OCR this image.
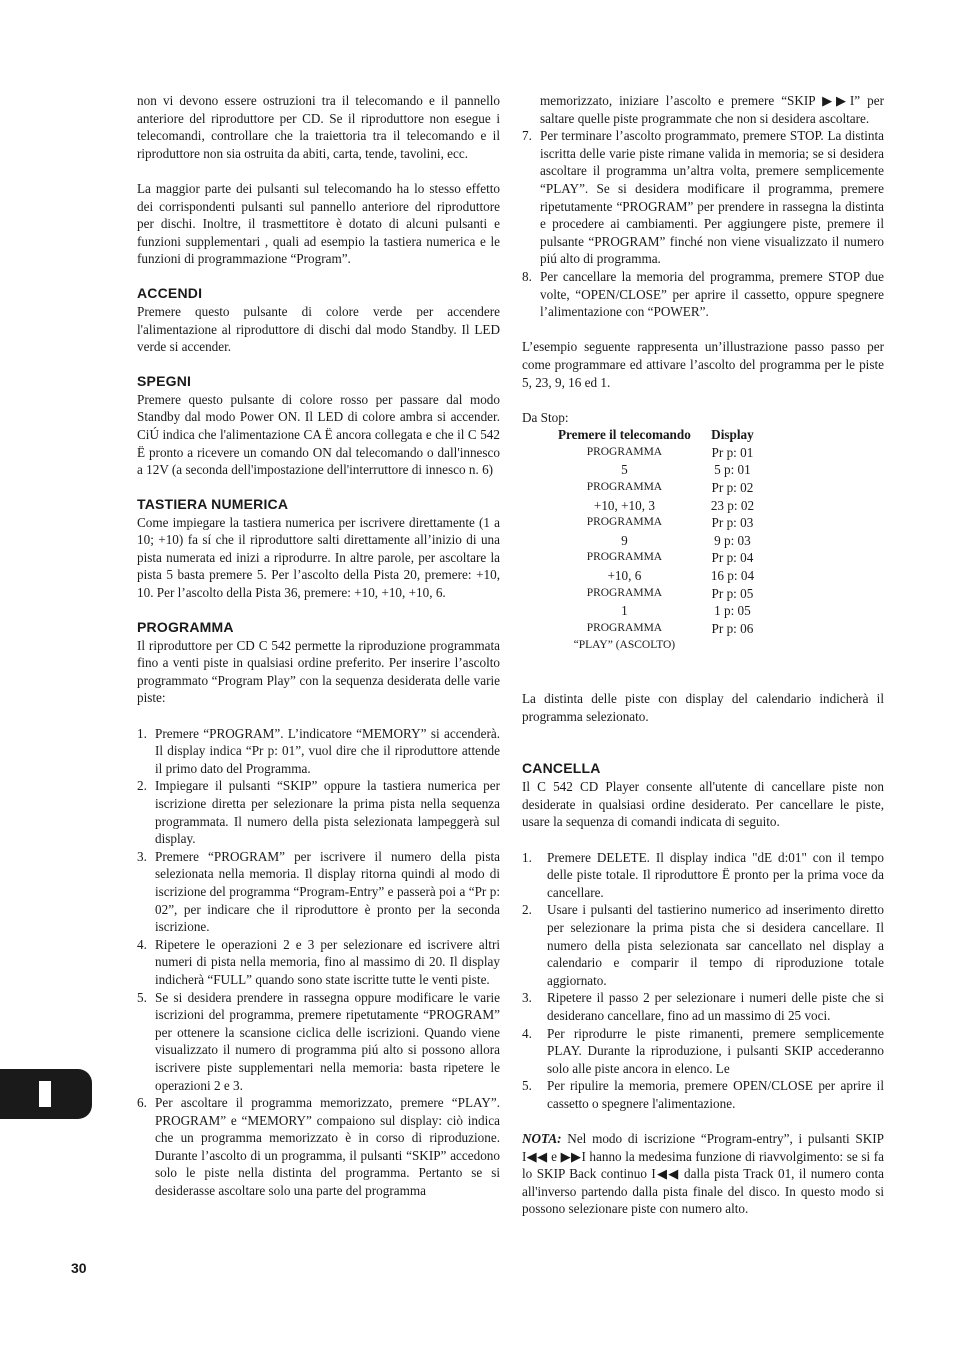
non vi devono essere ostruzioni tra il telecomando e il pannello anteriore del riproduttore per CD. Se il riproduttore non esegue i telecomandi, controllare che la traiettoria tra il telecomando e il riproduttore non sia ostruita da abiti, carta, tende, tavolini, ecc.

La maggior parte dei pulsanti sul telecomando ha lo stesso effetto dei corrispondenti pulsanti sul pannello anteriore del riproduttore per dischi. Inoltre, il trasmettitore è dotato di alcuni pulsanti e funzioni supplementari , quali ad esempio la tastiera numerica e le funzioni di programmazione “Program”.

ACCENDI

Premere questo pulsante di colore verde per accendere l'alimentazione al riproduttore di dischi dal modo Standby. Il LED verde si accender.

SPEGNI

Premere questo pulsante di colore rosso per passare dal modo Standby dal modo Power ON. Il LED di colore ambra si accender. CiÚ indica che l'alimentazione CA Ë ancora collegata e che il C 542 Ë pronto a ricevere un comando ON dal telecomando o dall'innesco a 12V (a seconda dell'impostazione dell'interruttore di innesco n. 6)

TASTIERA NUMERICA

Come impiegare la tastiera numerica per iscrivere direttamente (1 a 10; +10) fa sí che il riproduttore salti direttamente all’inizio di una pista numerata ed inizi a riprodurre. In altre parole, per ascoltare la pista 5 basta premere 5. Per l’ascolto della Pista 20, premere: +10, 10. Per l’ascolto della Pista 36, premere: +10, +10, +10, 6.

PROGRAMMA

Il riproduttore per CD C 542 permette la riproduzione programmata fino a venti piste in qualsiasi ordine preferito. Per inserire l’ascolto programmato “Program Play” con la sequenza desiderata delle varie piste:

1. Premere “PROGRAM”. L’indicatore “MEMORY” si accenderà. Il display indica “Pr p: 01”, vuol dire che il riproduttore attende il primo dato del Programma.
2. Impiegare il pulsanti “SKIP” oppure la tastiera numerica per iscrizione diretta per selezionare la prima pista nella sequenza programmata. Il numero della pista selezionata lampeggerà sul display.
3. Premere “PROGRAM” per iscrivere il numero della pista selezionata nella memoria. Il display ritorna quindi al modo di iscrizione del programma “Program-Entry” e passerà poi a “Pr p: 02”, per indicare che il riproduttore è pronto per la seconda iscrizione.
4. Ripetere le operazioni 2 e 3 per selezionare ed iscrivere altri numeri di pista nella memoria, fino al massimo di 20. Il display indicherà “FULL” quando sono state iscritte tutte le venti piste.
5. Se si desidera prendere in rassegna oppure modificare le varie iscrizioni del programma, premere ripetutamente “PROGRAM” per ottenere la scansione ciclica delle iscrizioni. Quando viene visualizzato il numero di programma piú alto si possono allora iscrivere piste supplementari nella memoria: basta ripetere le operazioni 2 e 3.
6. Per ascoltare il programma memorizzato, premere “PLAY”. PROGRAM” e “MEMORY” compaiono sul display: ciò indica che un programma memorizzato è in corso di riproduzione. Durante l’ascolto di un programma, il pulsanti “SKIP” accedono solo le piste nella distinta del programma. Pertanto se si desiderasse ascoltare solo una parte del programma
memorizzato, iniziare l’ascolto e premere “SKIP ▶▶I” per saltare quelle piste programmate che non si desidera ascoltare.
7. Per terminare l’ascolto programmato, premere STOP. La distinta iscritta delle varie piste rimane valida in memoria; se si desidera ascoltare il programma un’altra volta, premere semplicemente “PLAY”. Se si desidera modificare il programma, premere ripetutamente “PROGRAM” per prendere in rassegna la distinta e procedere ai cambiamenti. Per aggiungere piste, premere il pulsante “PROGRAM” finché non viene visualizzato il numero piú alto di programma.
8. Per cancellare la memoria del programma, premere STOP due volte, “OPEN/CLOSE” per aprire il cassetto, oppure spegnere l’alimentazione con “POWER”.

L’esempio seguente rappresenta un’illustrazione passo passo per come programmare ed attivare l’ascolto del programma per le piste 5, 23, 9, 16 ed 1.

Da Stop:

Premere il telecomando	Display
PROGRAMMA	Pr p: 01
5	5 p: 01
PROGRAMMA	Pr p: 02
+10, +10, 3	23 p: 02
PROGRAMMA	Pr p: 03
9	9 p: 03
PROGRAMMA	Pr p: 04
+10, 6	16 p: 04
PROGRAMMA	Pr p: 05
1	1 p: 05
PROGRAMMA	Pr p: 06
“PLAY” (ASCOLTO)	

La distinta delle piste con display del calendario indicherà il programma selezionato.

CANCELLA

Il C 542 CD Player consente all'utente di cancellare piste non desiderate in qualsiasi ordine desiderato. Per cancellare le piste, usare la sequenza di comandi indicata di seguito.

1. Premere DELETE. Il display indica "dE d:01" con il tempo delle piste totale. Il riproduttore Ë pronto per la prima voce da cancellare.
2. Usare i pulsanti del tastierino numerico ad inserimento diretto per selezionare la prima pista che si desidera cancellare. Il numero della pista selezionata sar cancellato nel display a calendario e comparir il tempo di riproduzione totale aggiornato.
3. Ripetere il passo 2 per selezionare i numeri delle piste che si desiderano cancellare, fino ad un massimo di 25 voci.
4. Per riprodurre le piste rimanenti, premere semplicemente PLAY. Durante la riproduzione, i pulsanti SKIP accederanno solo alle piste ancora in elenco. Le
5. Per ripulire la memoria, premere OPEN/CLOSE per aprire il cassetto o spegnere l'alimentazione.

NOTA: Nel modo di iscrizione “Program-entry”, i pulsanti SKIP I◀◀ e ▶▶I hanno la medesima funzione di riavvolgimento: se si fa lo SKIP Back continuo I◀◀ dalla pista Track 01, il numero conta all'inverso partendo dalla pista finale del disco. In questo modo si possono selezionare piste con numero alto.

30
